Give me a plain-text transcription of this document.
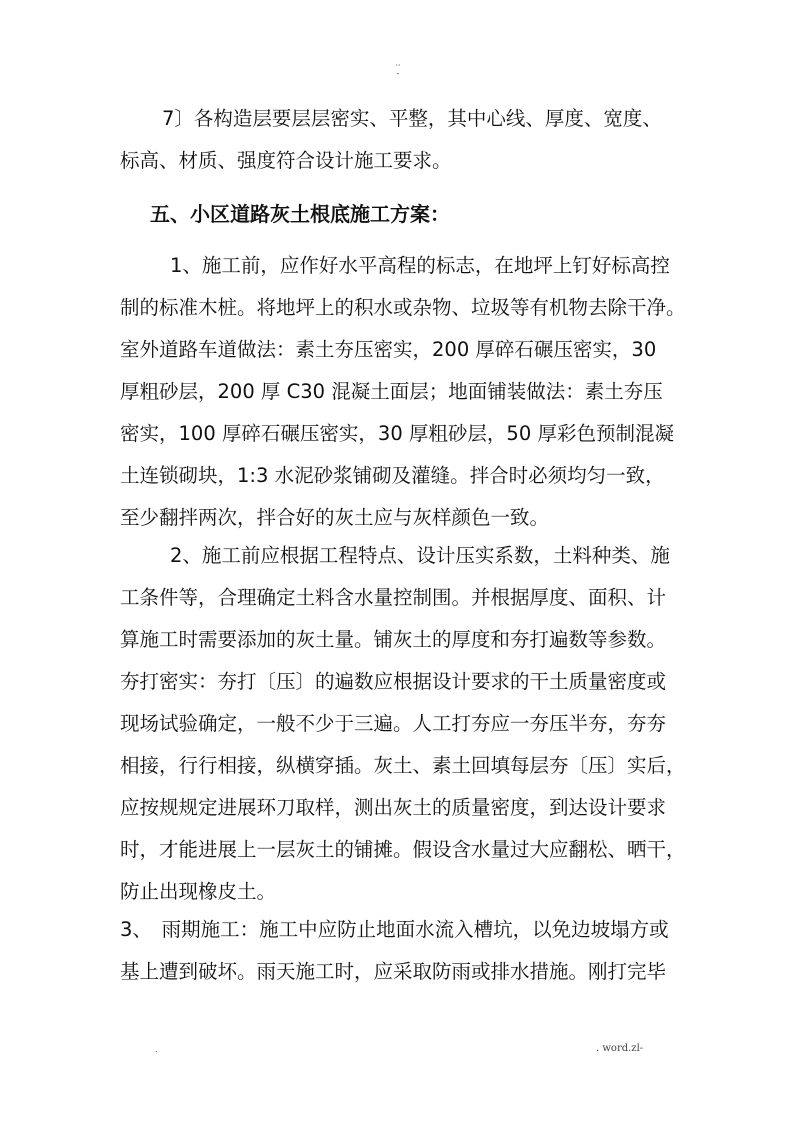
··
-
7〕各构造层要层层密实、平整，其中心线、厚度、宽度、
标高、材质、强度符合设计施工要求。
五、小区道路灰土根底施工方案：
1、施工前，应作好水平高程的标志，在地坪上钉好标高控
制的标准木桩。将地坪上的积水或杂物、垃圾等有机物去除干净。
室外道路车道做法：素土夯压密实，200 厚碎石碾压密实，30
厚粗砂层，200 厚 C30 混凝土面层；地面铺装做法：素土夯压
密实，100 厚碎石碾压密实，30 厚粗砂层，50 厚彩色预制混凝
土连锁砌块，1:3 水泥砂浆铺砌及灌缝。拌合时必须均匀一致，
至少翻拌两次，拌合好的灰土应与灰样颜色一致。
2、施工前应根据工程特点、设计压实系数，土料种类、施
工条件等，合理确定土料含水量控制围。并根据厚度、面积、计
算施工时需要添加的灰土量。铺灰土的厚度和夯打遍数等参数。
夯打密实：夯打〔压〕的遍数应根据设计要求的干土质量密度或
现场试验确定，一般不少于三遍。人工打夯应一夯压半夯，夯夯
相接，行行相接，纵横穿插。灰土、素土回填每层夯〔压〕实后，
应按规规定进展环刀取样，测出灰土的质量密度，到达设计要求
时，才能进展上一层灰土的铺摊。假设含水量过大应翻松、晒干，
防止出现橡皮土。
3、　雨期施工：施工中应防止地面水流入槽坑，以免边坡塌方或
基上遭到破坏。雨天施工时，应采取防雨或排水措施。刚打完毕
.	. word.zl-
